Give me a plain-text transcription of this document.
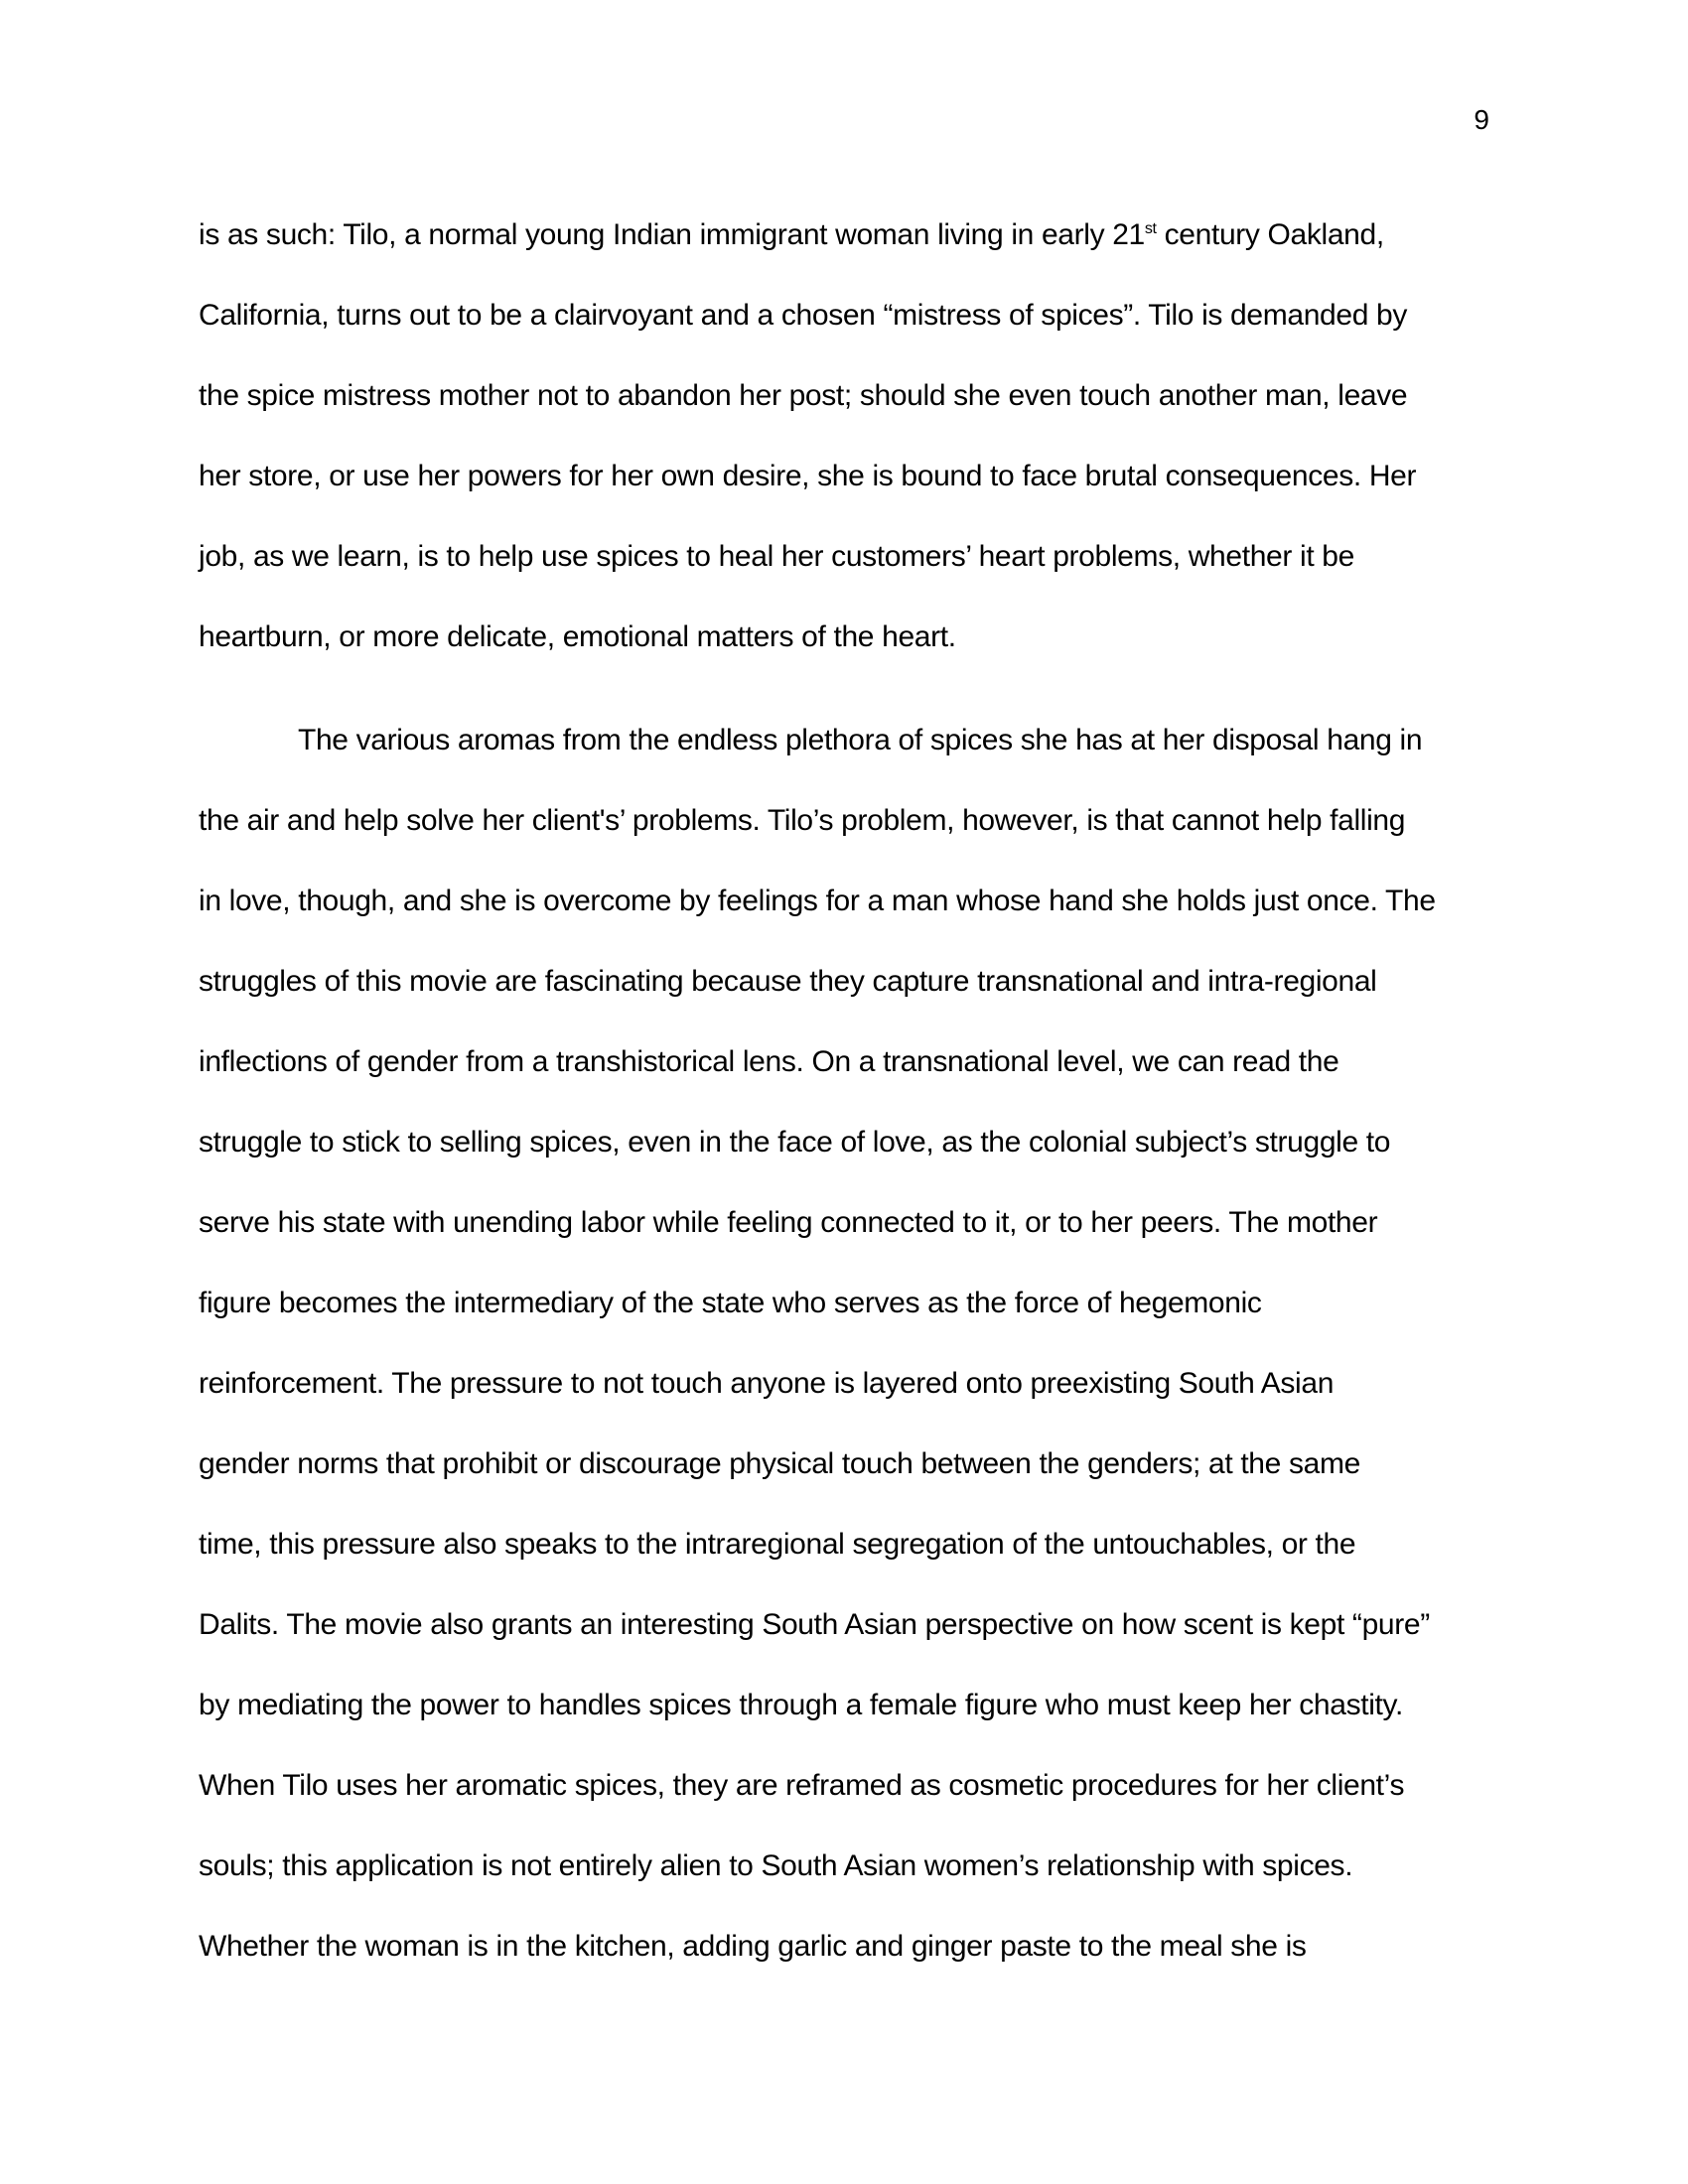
9
is as such: Tilo, a normal young Indian immigrant woman living in early 21st century Oakland,
California, turns out to be a clairvoyant and a chosen “mistress of spices”. Tilo is demanded by
the spice mistress mother not to abandon her post; should she even touch another man, leave
her store, or use her powers for her own desire, she is bound to face brutal consequences. Her
job, as we learn, is to help use spices to heal her customers’ heart problems, whether it be
heartburn, or more delicate, emotional matters of the heart.
The various aromas from the endless plethora of spices she has at her disposal hang in
the air and help solve her client's’ problems. Tilo’s problem, however, is that cannot help falling
in love, though, and she is overcome by feelings for a man whose hand she holds just once. The
struggles of this movie are fascinating because they capture transnational and intra-regional
inflections of gender from a transhistorical lens. On a transnational level, we can read the
struggle to stick to selling spices, even in the face of love, as the colonial subject’s struggle to
serve his state with unending labor while feeling connected to it, or to her peers. The mother
figure becomes the intermediary of the state who serves as the force of hegemonic
reinforcement. The pressure to not touch anyone is layered onto preexisting South Asian
gender norms that prohibit or discourage physical touch between the genders; at the same
time, this pressure also speaks to the intraregional segregation of the untouchables, or the
Dalits. The movie also grants an interesting South Asian perspective on how scent is kept “pure”
by mediating the power to handles spices through a female figure who must keep her chastity.
When Tilo uses her aromatic spices, they are reframed as cosmetic procedures for her client’s
souls; this application is not entirely alien to South Asian women’s relationship with spices.
Whether the woman is in the kitchen, adding garlic and ginger paste to the meal she is
